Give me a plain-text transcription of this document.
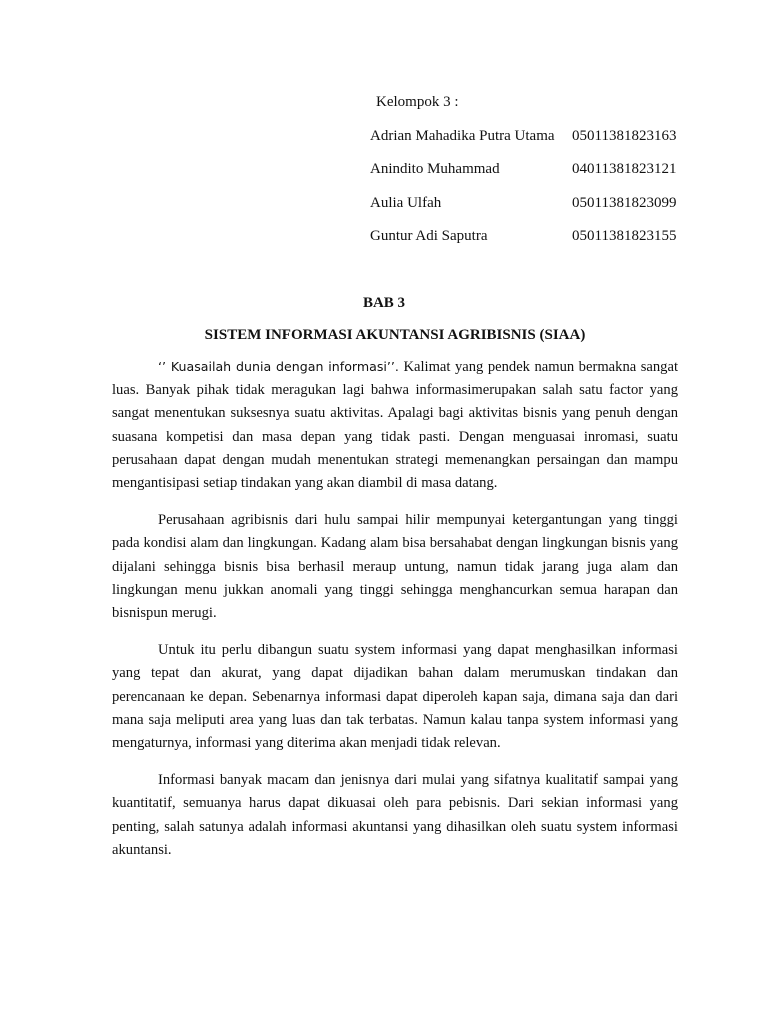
Kelompok 3 :
Adrian Mahadika Putra Utama 05011381823163
Anindito Muhammad	04011381823121
Aulia Ulfah	05011381823099
Guntur Adi Saputra	05011381823155
BAB 3
SISTEM INFORMASI AKUNTANSI AGRIBISNIS (SIAA)

‘’ Kuasailah dunia dengan informasi’’. Kalimat yang pendek namun bermakna sangat luas. Banyak pihak tidak meragukan lagi bahwa informasimerupakan salah satu factor yang sangat menentukan suksesnya suatu aktivitas. Apalagi bagi aktivitas bisnis yang penuh dengan suasana kompetisi dan masa depan yang tidak pasti. Dengan menguasai inromasi, suatu perusahaan dapat dengan mudah menentukan strategi memenangkan persaingan dan mampu mengantisipasi setiap tindakan yang akan diambil di masa datang.

Perusahaan agribisnis dari hulu sampai hilir mempunyai ketergantungan yang tinggi pada kondisi alam dan lingkungan. Kadang alam bisa bersahabat dengan lingkungan bisnis yang dijalani sehingga bisnis bisa berhasil meraup untung, namun tidak jarang juga alam dan lingkungan menu jukkan anomali yang tinggi sehingga menghancurkan semua harapan dan bisnispun merugi.

Untuk itu perlu dibangun suatu system informasi yang dapat menghasilkan informasi yang tepat dan akurat, yang dapat dijadikan bahan dalam merumuskan tindakan dan perencanaan ke depan. Sebenarnya informasi dapat diperoleh kapan saja, dimana saja dan dari mana saja meliputi area yang luas dan tak terbatas. Namun kalau tanpa system informasi yang mengaturnya, informasi yang diterima akan menjadi tidak relevan.

Informasi banyak macam dan jenisnya dari mulai yang sifatnya kualitatif sampai yang kuantitatif, semuanya harus dapat dikuasai oleh para pebisnis. Dari sekian informasi yang penting, salah satunya adalah informasi akuntansi yang dihasilkan oleh suatu system informasi akuntansi.
